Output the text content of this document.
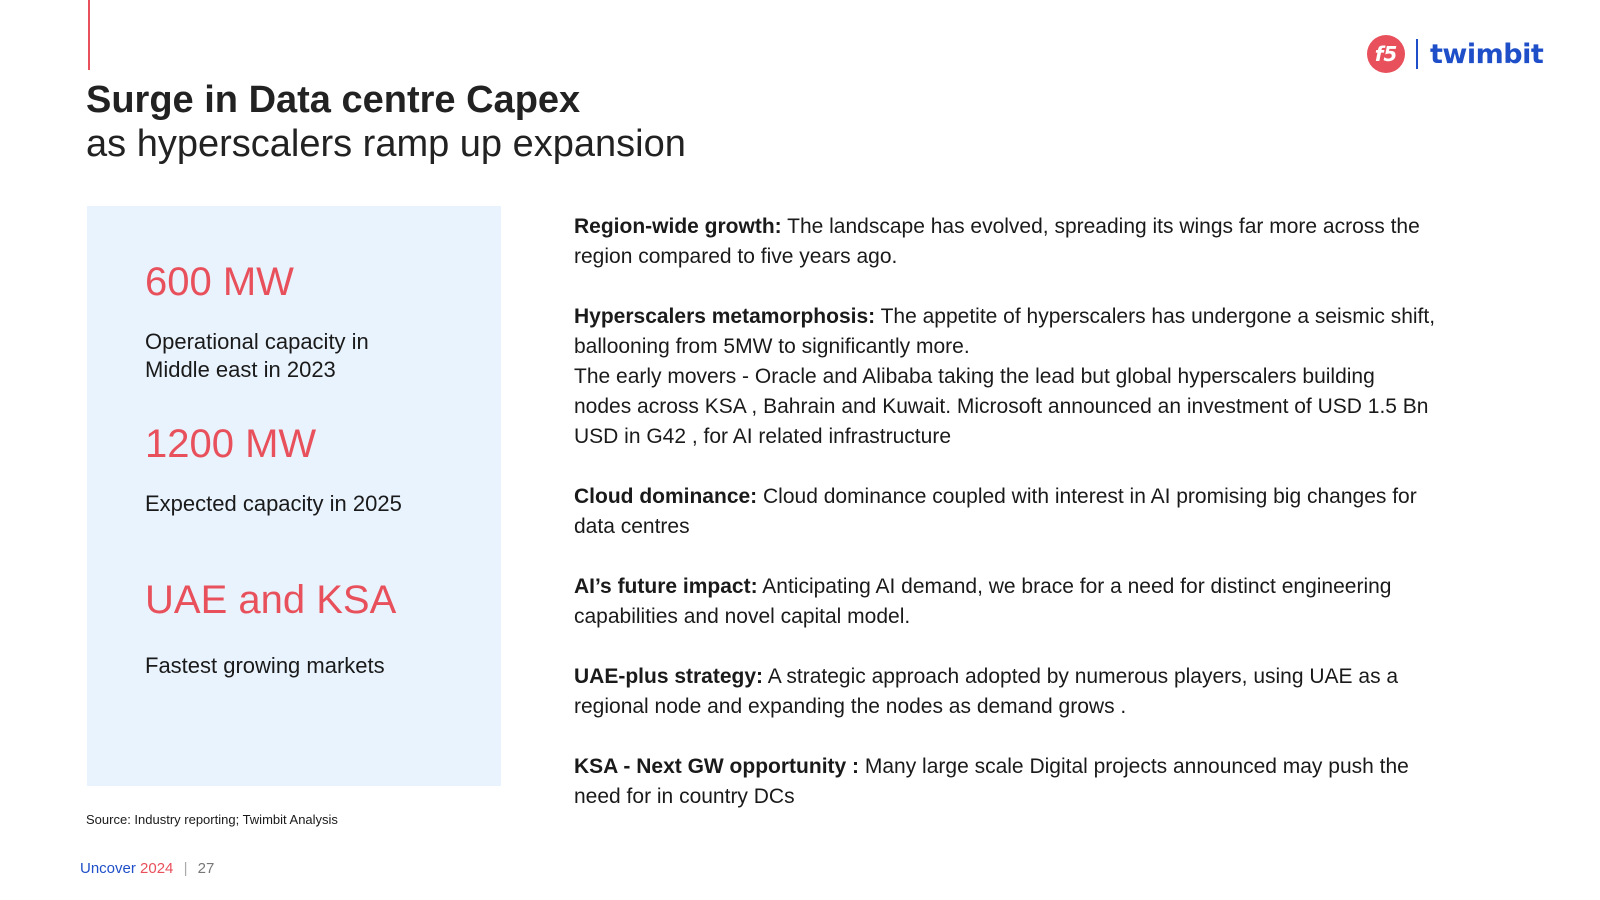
f5 twimbit
Surge in Data centre Capex
as hyperscalers ramp up expansion
600 MW
Operational capacity in
Middle east in 2023
1200 MW
Expected capacity in 2025
UAE and KSA
Fastest growing markets
Source: Industry reporting; Twimbit Analysis
Region-wide growth: The landscape has evolved, spreading its wings far more across the region compared to five years ago.
Hyperscalers metamorphosis: The appetite of hyperscalers has undergone a seismic shift, ballooning from 5MW to significantly more.
The early movers - Oracle and Alibaba taking the lead but global hyperscalers building nodes across KSA , Bahrain and Kuwait. Microsoft announced an investment of USD 1.5 Bn USD in G42 , for AI related infrastructure
Cloud dominance: Cloud dominance coupled with interest in AI promising big changes for data centres
AI’s future impact: Anticipating AI demand, we brace for a need for distinct engineering capabilities and novel capital model.
UAE-plus strategy: A strategic approach adopted by numerous players, using UAE as a regional node and expanding the nodes as demand grows .
KSA - Next GW opportunity : Many large scale Digital projects announced may push the need for in country DCs
Uncover 2024 | 27
